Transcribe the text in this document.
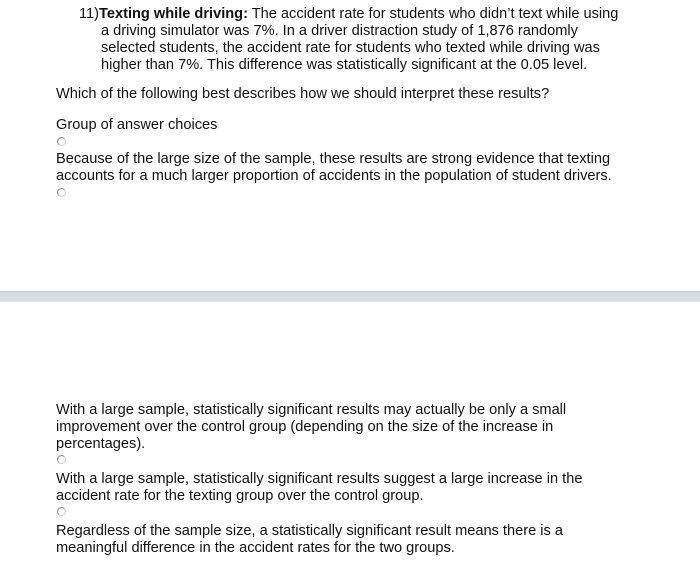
11)Texting while driving: The accident rate for students who didn’t text while using
a driving simulator was 7%. In a driver distraction study of 1,876 randomly
selected students, the accident rate for students who texted while driving was
higher than 7%. This difference was statistically significant at the 0.05 level.
Which of the following best describes how we should interpret these results?
Group of answer choices
Because of the large size of the sample, these results are strong evidence that texting
accounts for a much larger proportion of accidents in the population of student drivers.
With a large sample, statistically significant results may actually be only a small
improvement over the control group (depending on the size of the increase in
percentages).
With a large sample, statistically significant results suggest a large increase in the
accident rate for the texting group over the control group.
Regardless of the sample size, a statistically significant result means there is a
meaningful difference in the accident rates for the two groups.
